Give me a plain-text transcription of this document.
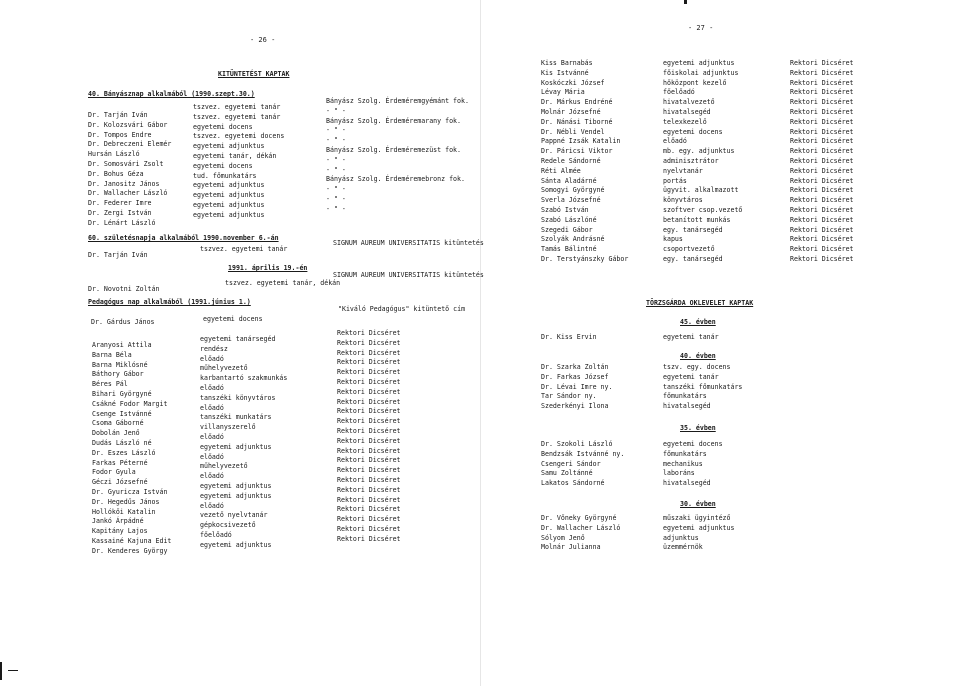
- 26 -
KITÜNTETÉST KAPTAK
40. Bányásznap alkalmából (1990.szept.30.)
Dr. Tarján Iván
Dr. Kolozsvári Gábor
Dr. Tompos Endre
Dr. Debreczeni Elemér
Hursán László
Dr. Somosvári Zsolt
Dr. Bohus Géza
Dr. Janositz János
Dr. Wallacher László
Dr. Federer Imre
Dr. Zergi István
Dr. Lénárt László
tszvez. egyetemi tanár
tszvez. egyetemi tanár
egyetemi docens
tszvez. egyetemi docens
egyetemi adjunktus
egyetemi tanár, dékán
egyetemi docens
tud. főmunkatárs
egyetemi adjunktus
egyetemi adjunktus
egyetemi adjunktus
egyetemi adjunktus
Bányász Szolg. Érdeméremgyémánt fok.
- " -
Bányász Szolg. Érdeméremarany fok.
- " -
- " -
Bányász Szolg. Érdeméremezüst fok.
- " -
- " -
Bányász Szolg. Érdeméremebronz fok.
- " -
- " -
- " -
60. születésnapja alkalmából 1990.november 6.-án
Dr. Tarján Iván
tszvez. egyetemi tanár
SIGNUM AUREUM UNIVERSITATIS kitüntetés
1991. április 19.-én
Dr. Novotni Zoltán
tszvez. egyetemi tanár, dékán
SIGNUM AUREUM UNIVERSITATIS kitüntetés
Pedagógus nap alkalmából (1991.június 1.)
Dr. Gárdus János	egyetemi docens
"Kiváló Pedagógus" kitüntető cím
Aranyosi Attila
Barna Béla
Barna Miklósné
Báthory Gábor
Béres Pál
Bihari Györgyné
Csákné Fodor Margit
Csenge Istvánné
Csoma Gáborné
Dobolán Jenő
Dudás László né
Dr. Eszes László
Farkas Péterné
Fodor Gyula
Géczi Józsefné
Dr. Gyuricza István
Dr. Hegedűs János
Hollókői Katalin
Jankó Árpádné
Kapitány Lajos
Kassainé Kajuna Edit
Dr. Kenderes György
egyetemi tanársegéd
rendész
előadó
műhelyvezető
karbantartó szakmunkás
előadó
tanszéki könyvtáros
előadó
tanszéki munkatárs
villanyszerelő
előadó
egyetemi adjunktus
előadó
műhelyvezető
előadó
egyetemi adjunktus
egyetemi adjunktus
előadó
vezető nyelvtanár
gépkocsivezető
főelőadó
egyetemi adjunktus
Rektori Dicséret
Rektori Dicséret
Rektori Dicséret
Rektori Dicséret
Rektori Dicséret
Rektori Dicséret
Rektori Dicséret
Rektori Dicséret
Rektori Dicséret
Rektori Dicséret
Rektori Dicséret
Rektori Dicséret
Rektori Dicséret
Rektori Dicséret
Rektori Dicséret
Rektori Dicséret
Rektori Dicséret
Rektori Dicséret
Rektori Dicséret
Rektori Dicséret
Rektori Dicséret
Rektori Dicséret
- 27 -
Kiss Barnabás
Kis Istvánné
Koskóczki József
Lévay Mária
Dr. Márkus Endréné
Molnár Józsefné
Dr. Nánási Tiborné
Dr. Nébli Vendel
Pappné Izsák Katalin
Dr. Páricsi Viktor
Redele Sándorné
Réti Almée
Sánta Aladárné
Somogyi Györgyné
Sverla Józsefné
Szabó István
Szabó Lászlóné
Szegedi Gábor
Szolyák Andrásné
Tamás Bálintné
Dr. Terstyánszky Gábor
egyetemi adjunktus
főiskolai adjunktus
hőközpont kezelő
főelőadó
hivatalvezető
hivatalsegéd
telexkezelő
egyetemi docens
előadó
mb. egy. adjunktus
adminisztrátor
nyelvtanár
portás
ügyvit. alkalmazott
könyvtáros
szoftver csop.vezető
betanított munkás
egy. tanársegéd
kapus
csoportvezető
egy. tanársegéd
Rektori Dicséret
Rektori Dicséret
Rektori Dicséret
Rektori Dicséret
Rektori Dicséret
Rektori Dicséret
Rektori Dicséret
Rektori Dicséret
Rektori Dicséret
Rektori Dicséret
Rektori Dicséret
Rektori Dicséret
Rektori Dicséret
Rektori Dicséret
Rektori Dicséret
Rektori Dicséret
Rektori Dicséret
Rektori Dicséret
Rektori Dicséret
Rektori Dicséret
Rektori Dicséret
TÖRZSGÁRDA OKLEVELET KAPTAK
45. évben
Dr. Kiss Ervin	egyetemi tanár
40. évben
Dr. Szarka Zoltán
Dr. Farkas József
Dr. Lévai Imre ny.
Tar Sándor ny.
Szederkényi Ilona
tszv. egy. docens
egyetemi tanár
tanszéki főmunkatárs
főmunkatárs
hivatalsegéd
35. évben
Dr. Szokoli László
Bendzsák Istvánné ny.
Csengeri Sándor
Samu Zoltánné
Lakatos Sándorné
egyetemi docens
főmunkatárs
mechanikus
laboráns
hivatalsegéd
30. évben
Dr. Vőneky Györgyné
Dr. Wallacher László
Sólyom Jenő
Molnár Julianna
műszaki ügyintéző
egyetemi adjunktus
adjunktus
üzemmérnök
